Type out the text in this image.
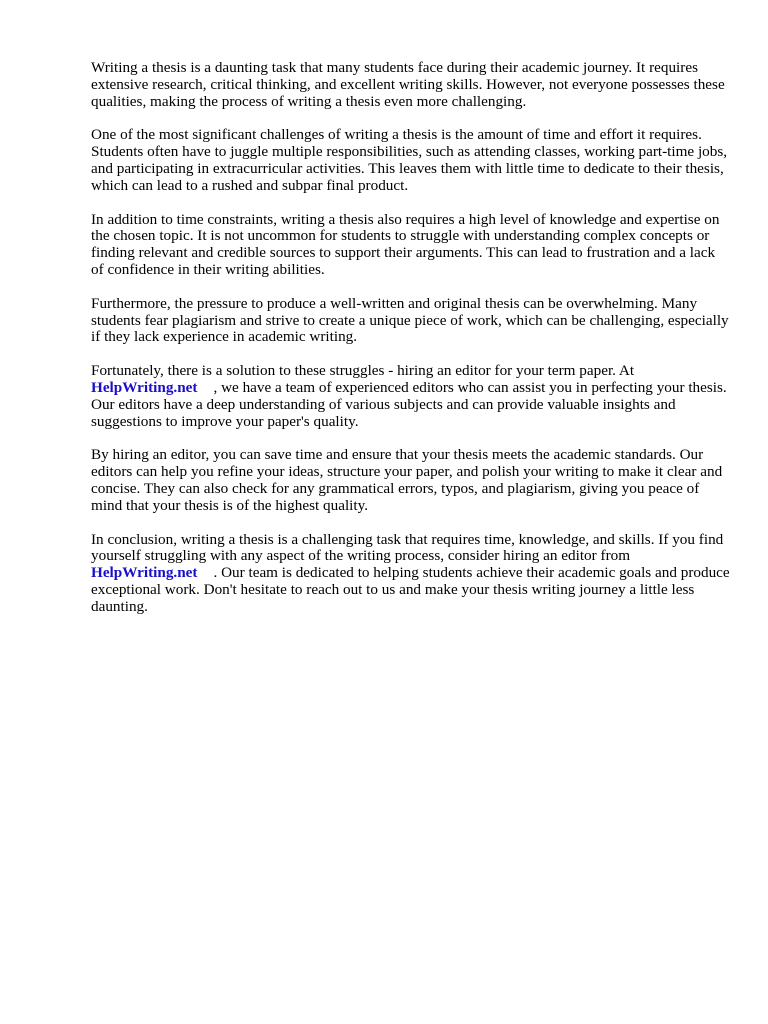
Writing a thesis is a daunting task that many students face during their academic journey. It requires extensive research, critical thinking, and excellent writing skills. However, not everyone possesses these qualities, making the process of writing a thesis even more challenging.

One of the most significant challenges of writing a thesis is the amount of time and effort it requires. Students often have to juggle multiple responsibilities, such as attending classes, working part-time jobs, and participating in extracurricular activities. This leaves them with little time to dedicate to their thesis, which can lead to a rushed and subpar final product.

In addition to time constraints, writing a thesis also requires a high level of knowledge and expertise on the chosen topic. It is not uncommon for students to struggle with understanding complex concepts or finding relevant and credible sources to support their arguments. This can lead to frustration and a lack of confidence in their writing abilities.

Furthermore, the pressure to produce a well-written and original thesis can be overwhelming. Many students fear plagiarism and strive to create a unique piece of work, which can be challenging, especially if they lack experience in academic writing.

Fortunately, there is a solution to these struggles - hiring an editor for your term paper. At
HelpWriting.net , we have a team of experienced editors who can assist you in perfecting your thesis. Our editors have a deep understanding of various subjects and can provide valuable insights and suggestions to improve your paper's quality.

By hiring an editor, you can save time and ensure that your thesis meets the academic standards. Our editors can help you refine your ideas, structure your paper, and polish your writing to make it clear and concise. They can also check for any grammatical errors, typos, and plagiarism, giving you peace of mind that your thesis is of the highest quality.

In conclusion, writing a thesis is a challenging task that requires time, knowledge, and skills. If you find yourself struggling with any aspect of the writing process, consider hiring an editor from
HelpWriting.net . Our team is dedicated to helping students achieve their academic goals and produce exceptional work. Don't hesitate to reach out to us and make your thesis writing journey a little less daunting.
